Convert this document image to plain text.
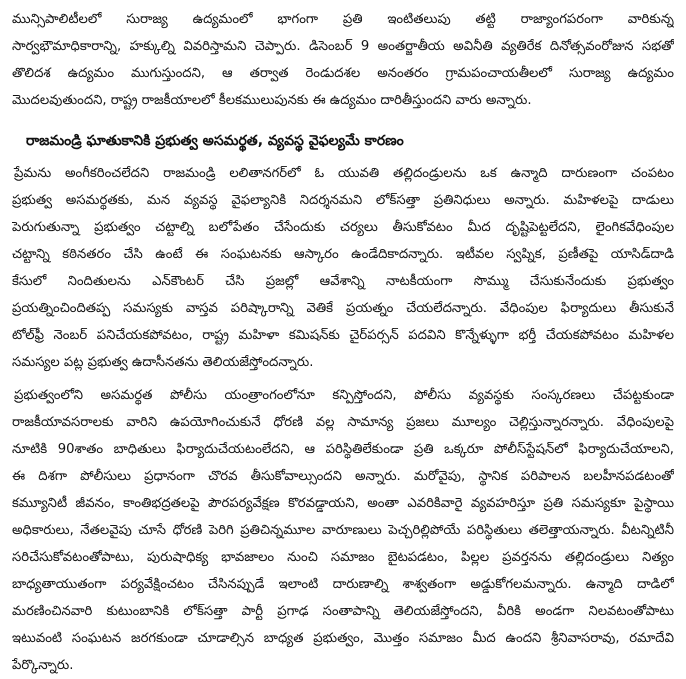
మున్సిపాలిటీలలో సురాజ్య ఉద్యమంలో భాగంగా ప్రతి ఇంటితలుపు తట్టి రాజ్యాంగపరంగా వారికున్న
సార్వభౌమాధికారాన్ని, హక్కుల్ని వివరిస్తామని చెప్పారు. డిసెంబర్ 9 అంతర్జాతీయ అవినీతి వ్యతిరేక దినోత్సవంరోజున సభతో
తొలిదశ ఉద్యమం ముగుస్తుందని, ఆ తర్వాత రెండుదశల అనంతరం గ్రామపంచాయతీలలో సురాజ్య ఉద్యమం
మొదలవుతుందని, రాష్ట్ర రాజకీయాలలో కీలకములుపునకు ఈ ఉద్యమం దారితీస్తుందని వారు అన్నారు.
రాజమండ్రి ఘాతుకానికి ప్రభుత్వ అసమర్థత, వ్యవస్థ వైఫల్యమే కారణం
ప్రేమను అంగీకరించలేదని రాజమండ్రి లలితానగర్‌లో ఓ యువతి తల్లిదండ్రులను ఒక ఉన్మాది దారుణంగా చంపటం
ప్రభుత్వ అసమర్థతకు, మన వ్యవస్థ వైఫల్యానికి నిదర్శనమని లోక్‌సత్తా ప్రతినిధులు అన్నారు. మహిళలపై దాడులు
పెరుగుతున్నా ప్రభుత్వం చట్టాల్ని బలోపేతం చేసేందుకు చర్యలు తీసుకోవటం మీద దృష్టిపెట్టలేదని, లైంగికవేధింపుల
చట్టాన్ని కఠినతరం చేసి ఉంటే ఈ సంఘటనకు ఆస్కారం ఉండేదికాదన్నారు. ఇటీవల స్వప్నిక, ప్రణీతపై యాసిడ్‌దాడి
కేసులో నిందితులను ఎన్‌కౌంటర్ చేసి ప్రజల్లో ఆవేశాన్ని నాటకీయంగా సొమ్ము చేసుకునేందుకు ప్రభుత్వం
ప్రయత్నించిందితప్ప సమస్యకు వాస్తవ పరిష్కారాన్ని వెతికే ప్రయత్నం చేయలేదన్నారు. వేధింపుల ఫిర్యాదులు తీసుకునే
టోల్‌ఫ్రీ నెంబర్ పనిచేయకపోవటం, రాష్ట్ర మహిళా కమిషన్‌కు చైర్‌పర్సన్ పదవిని కొన్నేళ్ళుగా భర్తీ చేయకపోవటం మహిళల
సమస్యల పట్ల ప్రభుత్వ ఉదాసీనతను తెలియజేస్తోందన్నారు.
ప్రభుత్వంలోని అసమర్థత పోలీసు యంత్రాంగంలోనూ కన్పిస్తోందని, పోలీసు వ్యవస్థకు సంస్కరణలు చేపట్టకుండా
రాజకీయావసరాలకు వారిని ఉపయోగించుకునే ధోరణి వల్ల సామాన్య ప్రజలు మూల్యం చెల్లిస్తున్నారన్నారు. వేధింపులపై
నూటికి 90శాతం బాధితులు ఫిర్యాదుచేయటంలేదని, ఆ పరిస్థితిలేకుండా ప్రతి ఒక్కరూ పోలీస్‌స్టేషన్‌లో ఫిర్యాదుచేయాలని,
ఈ దిశగా పోలీసులు ప్రధానంగా చొరవ తీసుకోవాల్సుందని అన్నారు. మరోవైపు, స్థానిక పరిపాలన బలహీనపడటంతో
కమ్యూనిటీ జీవనం, కాంతిభద్రతలపై పౌరపర్యవేక్షణ కొరవడ్డాయని, అంతా ఎవరికివారై వ్యవహరిస్తూ ప్రతి సమస్యకూ పైస్థాయి
అధికారులు, నేతలవైపు చూసే ధోరణి పెరిగి ప్రతిచిన్నమూల వారూణులు పెచ్చరిల్లిపోయే పరిస్థితులు తలెత్తాయన్నారు. వీటన్నిటినీ
సరిచేసుకోవటంతోపాటు, పురుషాధిక్య భావజాలం నుంచి సమాజం బైటపడటం, పిల్లల ప్రవర్తనను తల్లిదండ్రులు నిత్యం
బాధ్యతాయుతంగా పర్యవేక్షించటం చేసినప్పుడే ఇలాంటి దారుణాల్ని శాశ్వతంగా అడ్డుకోగలమన్నారు. ఉన్మాది దాడిలో
మరణించినవారి కుటుంబానికి లోక్‌సత్తా పార్టీ ప్రగాఢ సంతాపాన్ని తెలియజేస్తోందని, వీరికి అండగా నిలవటంతోపాటు
ఇటువంటి సంఘటన జరగకుండా చూడాల్సిన బాధ్యత ప్రభుత్వం, మొత్తం సమాజం మీద ఉందని శ్రీనివాసరావు, రమాదేవి
పేర్కొన్నారు.
